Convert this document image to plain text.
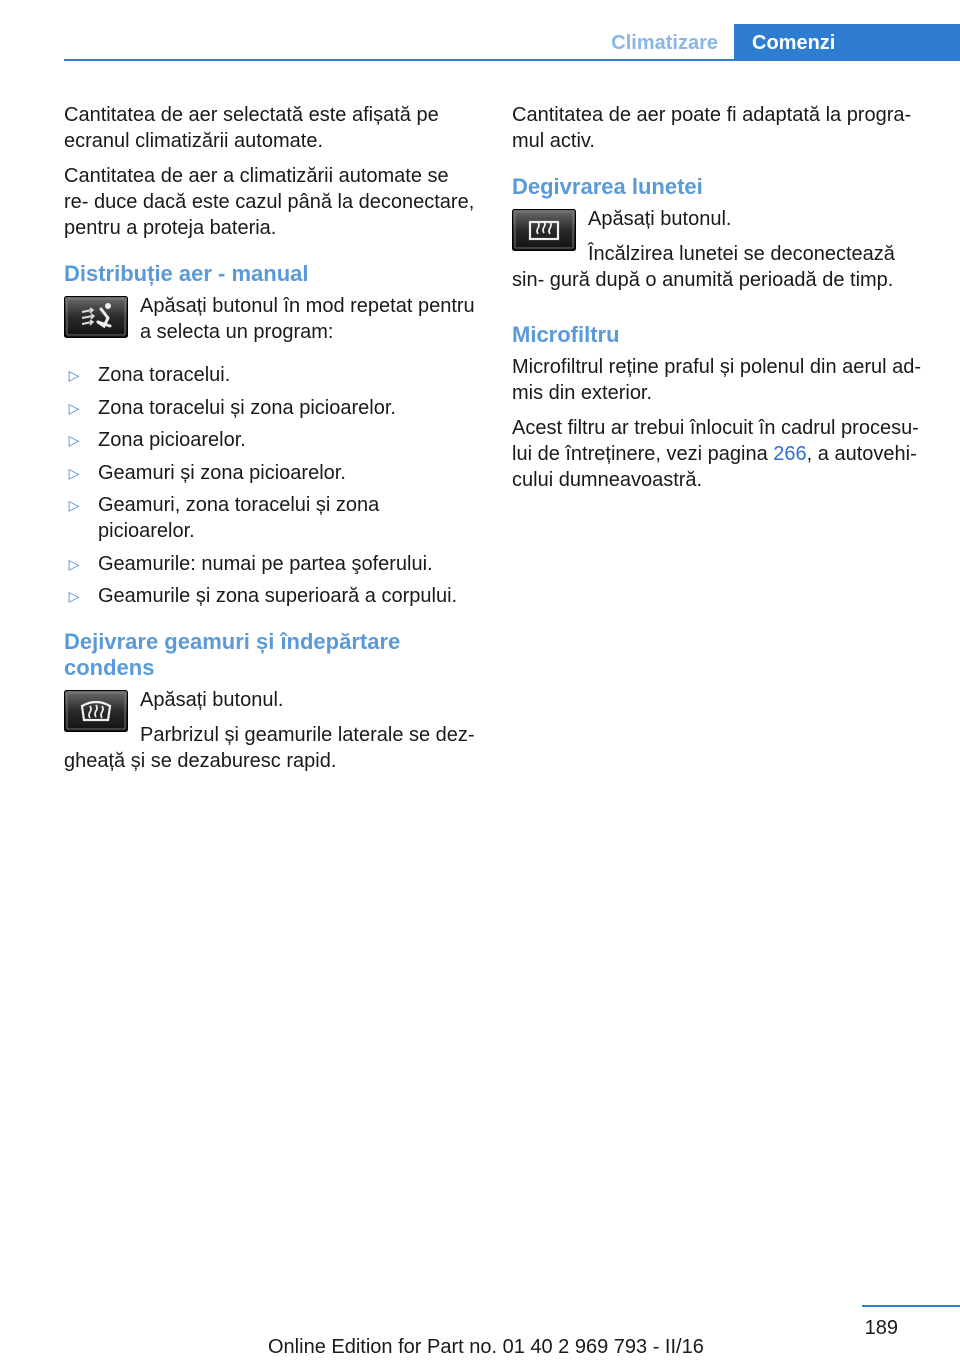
Climatizare	Comenzi

Cantitatea de aer selectată este afișată pe ecranul climatizării automate.

Cantitatea de aer a climatizării automate se re‐ duce dacă este cazul până la deconectare, pentru a proteja bateria.

Distribuție aer - manual

Apăsați butonul în mod repetat pentru a selecta un program:

▷ Zona toracelui.
▷ Zona toracelui și zona picioarelor.
▷ Zona picioarelor.
▷ Geamuri și zona picioarelor.
▷ Geamuri, zona toracelui și zona picioarelor.
▷ Geamurile: numai pe partea şoferului.
▷ Geamurile și zona superioară a corpului.
Dejivrare geamuri și îndepărtare condens

Apăsați butonul.

Parbrizul și geamurile laterale se dez‐ gheață și se dezaburesc rapid.

Cantitatea de aer poate fi adaptată la progra‐ mul activ.

Degivrarea lunetei

Apăsați butonul.

Încălzirea lunetei se deconectează sin‐ gură după o anumită perioadă de timp.

Microfiltru

Microfiltrul reține praful și polenul din aerul ad‐ mis din exterior.

Acest filtru ar trebui înlocuit în cadrul procesu‐ lui de întreținere, vezi pagina 266, a autovehi‐ cului dumneavoastră.

189
Online Edition for Part no. 01 40 2 969 793 - II/16
